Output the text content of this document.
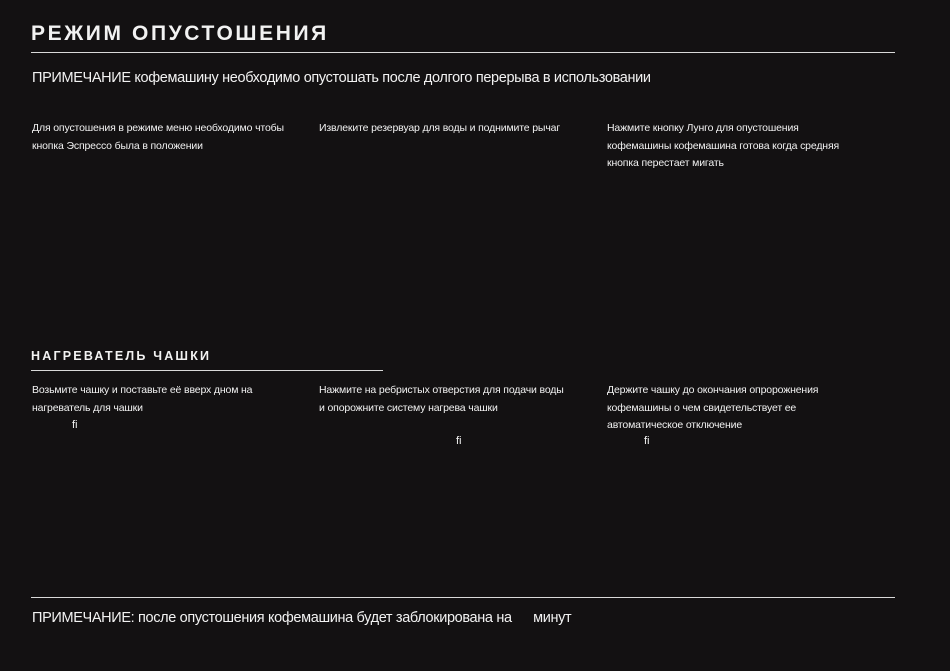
РЕЖИМ ОПУСТОШЕНИЯ
ПРИМЕЧАНИЕ кофемашину необходимо опустошать после долгого перерыва в использовании

Для опустошения в режиме меню необходимо чтобы

кнопка Эспрессо была в положении

Извлеките резервуар для воды и поднимите рычаг	Нажмите кнопку Лунго для опустошения

кофемашины кофемашина готова когда средняя

кнопка перестает мигать

НАГРЕВАТЕЛЬ ЧАШКИ

Возьмите чашку и поставьте её вверх дном на

нагреватель для чашки

ﬁ

Нажмите на ребристых отверстия для подачи воды

и опорожните систему нагрева чашки

ﬁ

Держите чашку до окончания опророжнения

кофемашины о чем свидетельствует ее

автоматическое отключение

ﬁ
ПРИМЕЧАНИЕ: после опустошения кофемашина будет заблокирована на минут
